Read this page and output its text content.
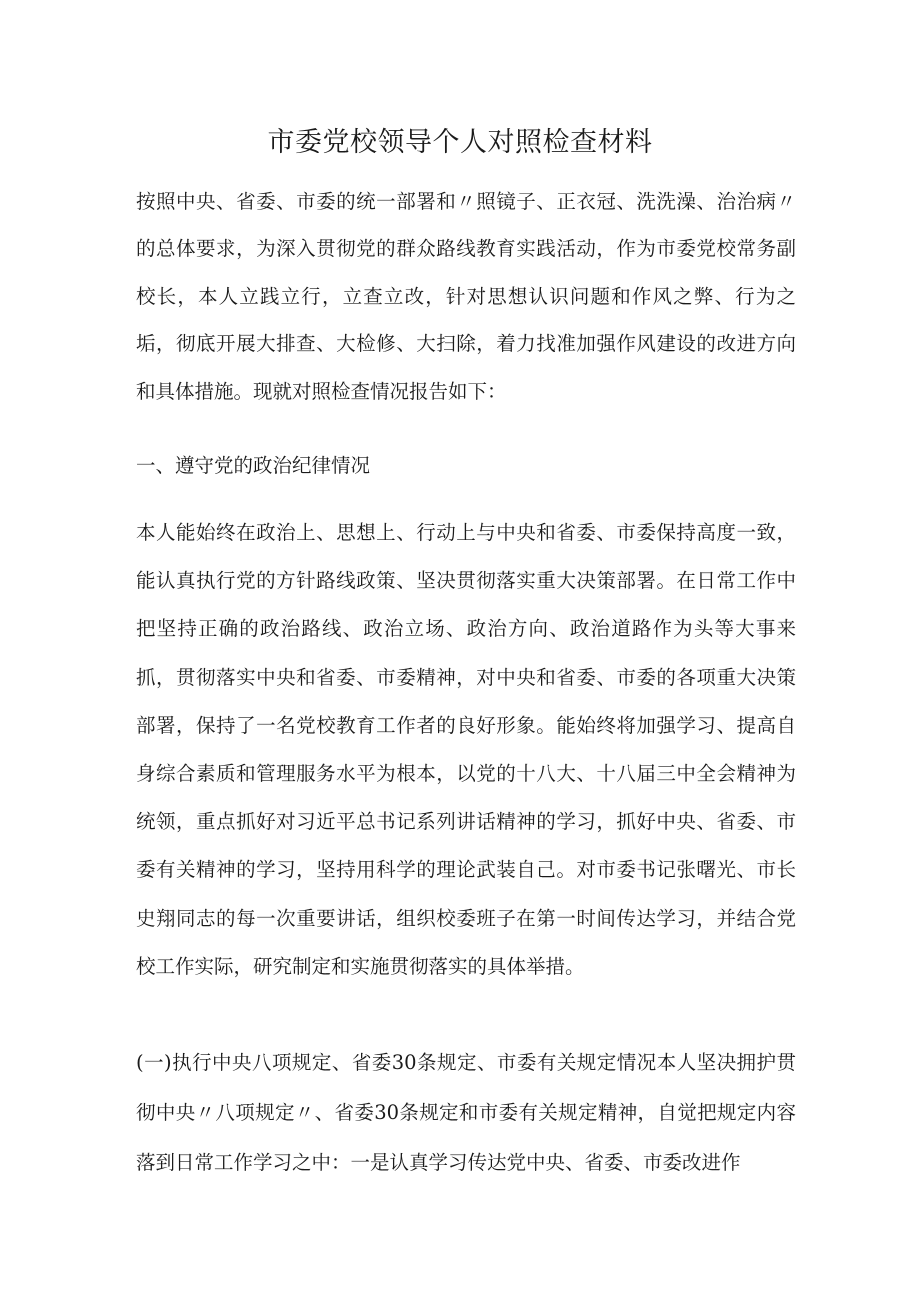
市委党校领导个人对照检查材料

按照中央、省委、市委的统一部署和〃照镜子、正衣冠、洗洗澡、治治病〃的总体要求，为深入贯彻党的群众路线教育实践活动，作为市委党校常务副校长，本人立践立行，立查立改，针对思想认识问题和作风之弊、行为之垢，彻底开展大排查、大检修、大扫除，着力找准加强作风建设的改进方向和具体措施。现就对照检查情况报告如下：

一、遵守党的政治纪律情况

本人能始终在政治上、思想上、行动上与中央和省委、市委保持高度一致，能认真执行党的方针路线政策、坚决贯彻落实重大决策部署。在日常工作中把坚持正确的政治路线、政治立场、政治方向、政治道路作为头等大事来抓，贯彻落实中央和省委、市委精神，对中央和省委、市委的各项重大决策部署，保持了一名党校教育工作者的良好形象。能始终将加强学习、提高自身综合素质和管理服务水平为根本，以党的十八大、十八届三中全会精神为统领，重点抓好对习近平总书记系列讲话精神的学习，抓好中央、省委、市委有关精神的学习，坚持用科学的理论武装自己。对市委书记张曙光、市长史翔同志的每一次重要讲话，组织校委班子在第一时间传达学习，并结合党校工作实际，研究制定和实施贯彻落实的具体举措。

(一)执行中央八项规定、省委30条规定、市委有关规定情况本人坚决拥护贯彻中央〃八项规定〃、省委30条规定和市委有关规定精神，自觉把规定内容落到日常工作学习之中：一是认真学习传达党中央、省委、市委改进作
